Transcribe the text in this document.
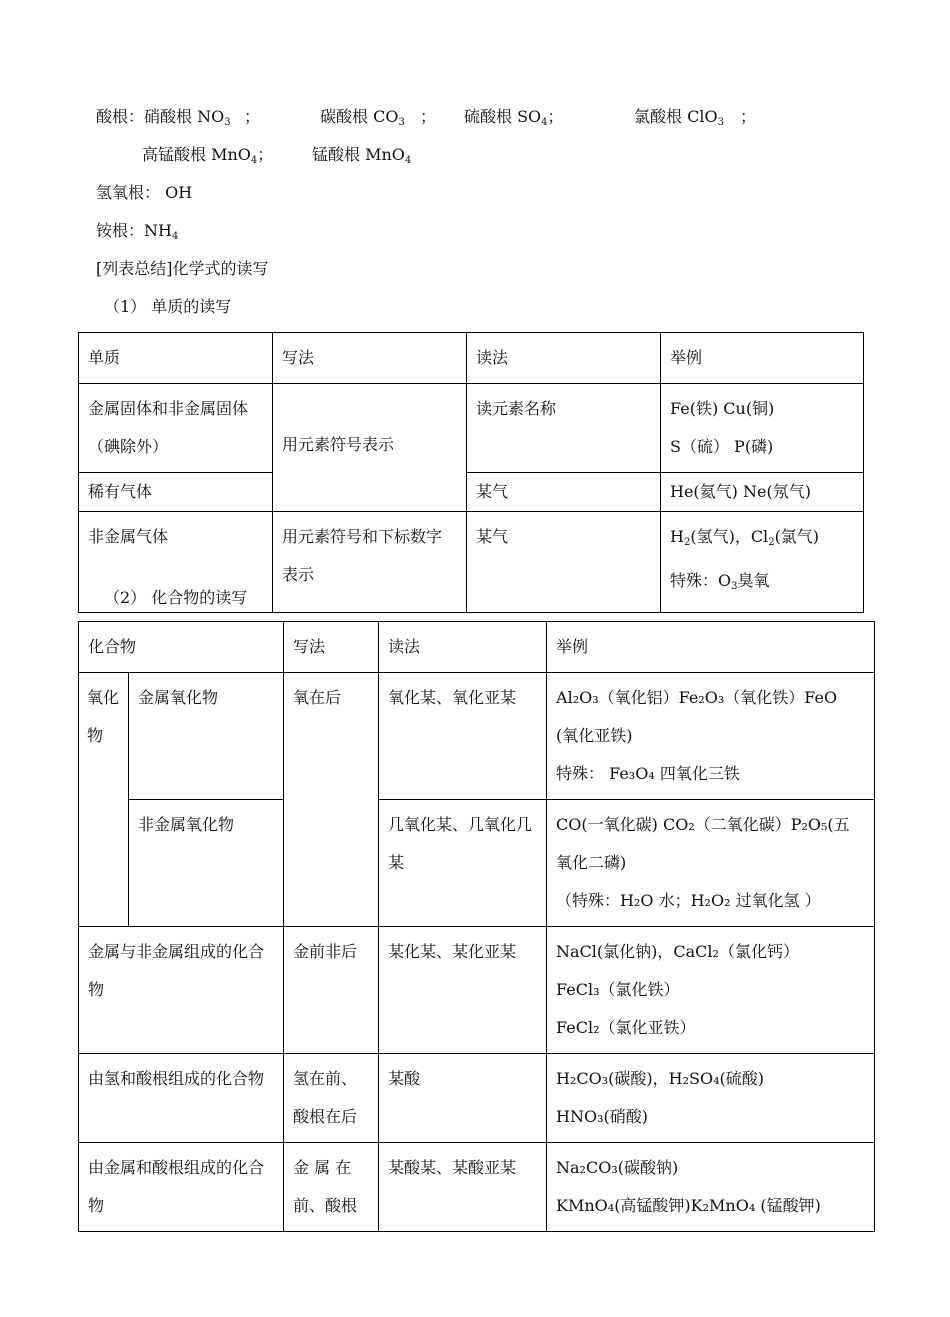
酸根：硝酸根 $NO_3$ ；	碳酸根 $CO_3$ ； 硫酸根 $SO_4$；	氯酸根 ClO$_3$ ；
高锰酸根 MnO$_4$； 锰酸根 MnO$_4$
氢氧根： OH
铵根：$NH_4$
[列表总结]化学式的读写
（1） 单质的读写
单质	写法	读法	举例
金属固体和非金属固体（碘除外）	用元素符号表示	读元素名称	Fe(铁) Cu(铜)
S（硫） P(磷)

稀有气体		某气	He(氦气) Ne(氖气)
非金属气体	用元素符号和下标数字表示	某气	$H_2$(氢气)，$Cl_2$(氯气)
特殊：$O_3$臭氧
（2） 化合物的读写
化合物		写法	读法	举例
氧化物	金属氧化物	氧在后	氧化某、氧化亚某	Al₂O₃（氧化铝）Fe₂O₃（氧化铁）FeO
(氧化亚铁)
特殊： Fe₃O₄ 四氧化三铁

	非金属氧化物		几氧化某、几氧化几某	CO(一氧化碳) CO₂（二氧化碳）P₂O₅(五
氧化二磷)
（特殊：H₂O 水；H₂O₂ 过氧化氢 ）

金属与非金属组成的化合物		金前非后	某化某、某化亚某	NaCl(氯化钠)，CaCl₂（氯化钙）
FeCl₃（氯化铁）
FeCl₂（氯化亚铁）

由氢和酸根组成的化合物		氢在前、酸根在后	某酸	H₂CO₃(碳酸)，H₂SO₄(硫酸)
HNO₃(硝酸)

由金属和酸根组成的化合物		金 属 在前、酸根	某酸某、某酸亚某	Na₂CO₃(碳酸钠)
KMnO₄(高锰酸钾)K₂MnO₄ (锰酸钾)
